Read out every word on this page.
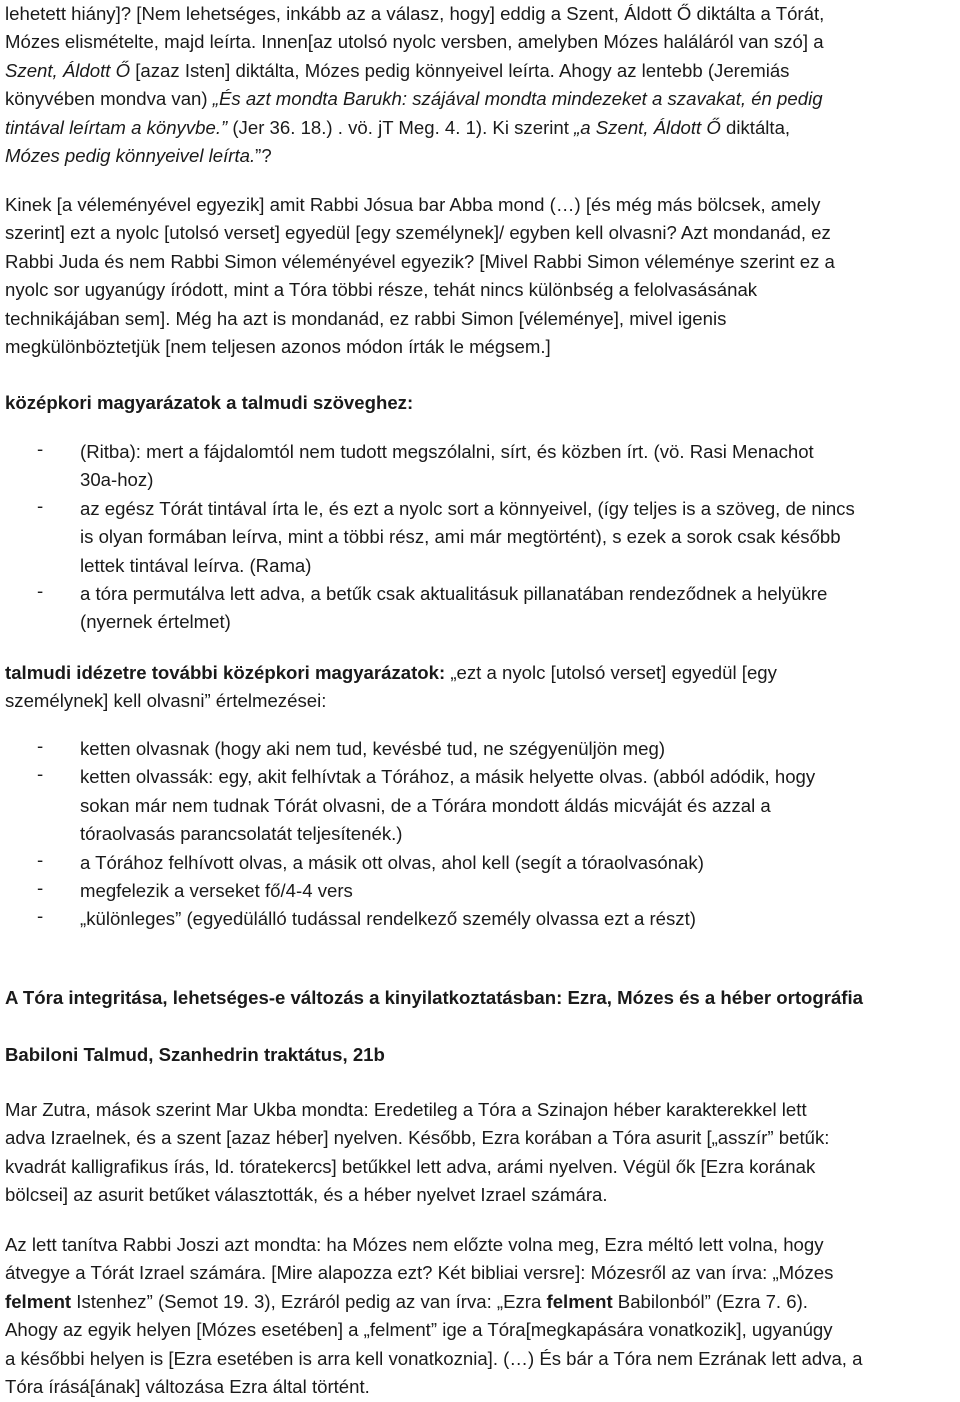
lehetett hiány]? [Nem lehetséges, inkább az a válasz, hogy] eddig a Szent, Áldott Ő diktálta a Tórát,
Mózes elismételte, majd leírta. Innen[az utolsó nyolc versben, amelyben Mózes haláláról van szó] a
Szent, Áldott Ő [azaz Isten] diktálta, Mózes pedig könnyeivel leírta. Ahogy az lentebb (Jeremiás
könyvében mondva van) „És azt mondta Barukh: szájával mondta mindezeket a szavakat, én pedig
tintával leírtam a könyvbe.” (Jer 36. 18.) . vö. jT Meg. 4. 1). Ki szerint „a Szent, Áldott Ő diktálta,
Mózes pedig könnyeivel leírta.”?
Kinek [a véleményével egyezik] amit Rabbi Jósua bar Abba mond (…) [és még más bölcsek, amely
szerint] ezt a nyolc [utolsó verset] egyedül [egy személynek]/ egyben kell olvasni? Azt mondanád, ez
Rabbi Juda és nem Rabbi Simon véleményével egyezik? [Mivel Rabbi Simon véleménye szerint ez a
nyolc sor ugyanúgy íródott, mint a Tóra többi része, tehát nincs különbség a felolvasásának
technikájában sem]. Még ha azt is mondanád, ez rabbi Simon [véleménye], mivel igenis
megkülönböztetjük [nem teljesen azonos módon írták le mégsem.]
középkori magyarázatok a talmudi szöveghez:
- (Ritba): mert a fájdalomtól nem tudott megszólalni, sírt, és közben írt. (vö. Rasi Menachot
30a-hoz)
- az egész Tórát tintával írta le, és ezt a nyolc sort a könnyeivel, (így teljes is a szöveg, de nincs
is olyan formában leírva, mint a többi rész, ami már megtörtént), s ezek a sorok csak később
lettek tintával leírva. (Rama)
- a tóra permutálva lett adva, a betűk csak aktualitásuk pillanatában rendeződnek a helyükre
(nyernek értelmet)
talmudi idézetre további középkori magyarázatok: „ezt a nyolc [utolsó verset] egyedül [egy
személynek] kell olvasni” értelmezései:
- ketten olvasnak (hogy aki nem tud, kevésbé tud, ne szégyenüljön meg)
- ketten olvassák: egy, akit felhívtak a Tórához, a másik helyette olvas. (abból adódik, hogy
sokan már nem tudnak Tórát olvasni, de a Tórára mondott áldás micváját és azzal a
tóraolvasás parancsolatát teljesítenék.)
- a Tórához felhívott olvas, a másik ott olvas, ahol kell (segít a tóraolvasónak)
- megfelezik a verseket fő/4-4 vers
- „különleges” (egyedülálló tudással rendelkező személy olvassa ezt a részt)
A Tóra integritása, lehetséges-e változás a kinyilatkoztatásban: Ezra, Mózes és a héber ortográfia
Babiloni Talmud, Szanhedrin traktátus, 21b
Mar Zutra, mások szerint Mar Ukba mondta: Eredetileg a Tóra a Szinajon héber karakterekkel lett
adva Izraelnek, és a szent [azaz héber] nyelven. Később, Ezra korában a Tóra asurit [„asszír” betűk:
kvadrát kalligrafikus írás, ld. tóratekercs] betűkkel lett adva, arámi nyelven. Végül ők [Ezra korának
bölcsei] az asurit betűket választották, és a héber nyelvet Izrael számára.
Az lett tanítva Rabbi Joszi azt mondta: ha Mózes nem előzte volna meg, Ezra méltó lett volna, hogy
átvegye a Tórát Izrael számára. [Mire alapozza ezt? Két bibliai versre]: Mózesről az van írva: „Mózes
felment Istenhez” (Semot 19. 3), Ezráról pedig az van írva: „Ezra felment Babilonból” (Ezra 7. 6).
Ahogy az egyik helyen [Mózes esetében] a „felment” ige a Tóra[megkapására vonatkozik], ugyanúgy
a későbbi helyen is [Ezra esetében is arra kell vonatkoznia]. (…) És bár a Tóra nem Ezrának lett adva, a
Tóra írásá[ának] változása Ezra által történt.
